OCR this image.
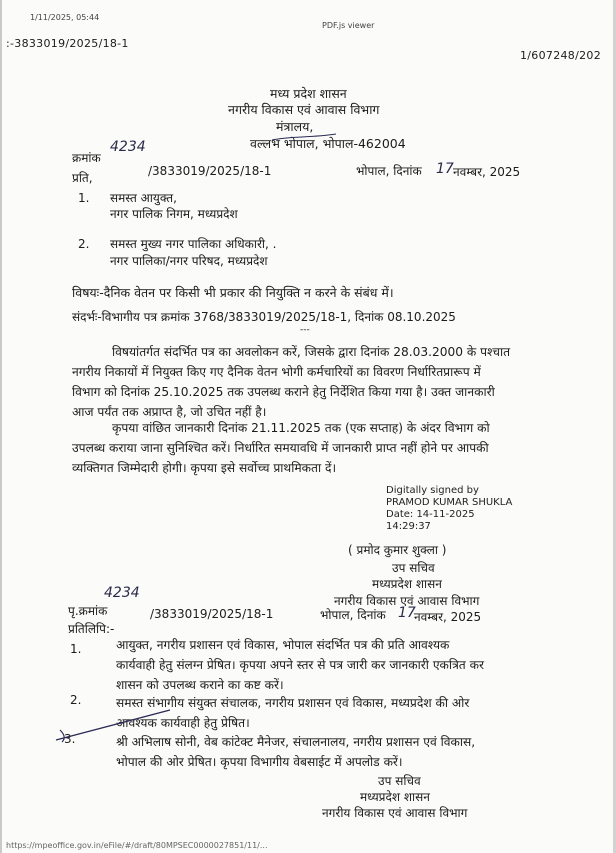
1/11/2025, 05:44
PDF.js viewer
:-3833019/2025/18-1
1/607248/202
मध्य प्रदेश शासन
नगरीय विकास एवं आवास विभाग
मंत्रालय,
वल्लभ भोपाल, भोपाल-462004
क्रमांक
4234
/3833019/2025/18-1	भोपाल, दिनांक 17 नवम्बर, 2025
प्रति,
1. समस्त आयुक्त,
नगर पालिक निगम, मध्यप्रदेश
2. समस्त मुख्य नगर पालिका अधिकारी, .
नगर पालिका/नगर परिषद, मध्यप्रदेश
विषयः-दैनिक वेतन पर किसी भी प्रकार की नियुक्ति न करने के संबंध में।
संदर्भः-विभागीय पत्र क्रमांक 3768/3833019/2025/18-1, दिनांक 08.10.2025
---
विषयांतर्गत संदर्भित पत्र का अवलोकन करें, जिसके द्वारा दिनांक 28.03.2000 के पश्चात
नगरीय निकायों में नियुक्त किए गए दैनिक वेतन भोगी कर्मचारियों का विवरण निर्धारितप्रारूप में
विभाग को दिनांक 25.10.2025 तक उपलब्ध कराने हेतु निर्देशित किया गया है। उक्त जानकारी
आज पर्यंत तक अप्राप्त है, जो उचित नहीं है।
कृपया वांछित जानकारी दिनांक 21.11.2025 तक (एक सप्ताह) के अंदर विभाग को
उपलब्ध कराया जाना सुनिश्चित करें। निर्धारित समयावधि में जानकारी प्राप्त नहीं होने पर आपकी
व्यक्तिगत जिम्मेदारी होगी। कृपया इसे सर्वोच्च प्राथमिकता दें।
Digitally signed by
PRAMOD KUMAR SHUKLA
Date: 14-11-2025
14:29:37
( प्रमोद कुमार शुक्ला )
उप सचिव
मध्यप्रदेश शासन
नगरीय विकास एवं आवास विभाग
4234
पृ.क्रमांक	/3833019/2025/18-1	भोपाल, दिनांक 17
नवम्बर, 2025
प्रतिलिपि:-
1.	आयुक्त, नगरीय प्रशासन एवं विकास, भोपाल संदर्भित पत्र की प्रति आवश्यक
कार्यवाही हेतु संलग्न प्रेषित। कृपया अपने स्तर से पत्र जारी कर जानकारी एकत्रित कर
शासन को उपलब्ध कराने का कष्ट करें।
2.	समस्त संभागीय संयुक्त संचालक, नगरीय प्रशासन एवं विकास, मध्यप्रदेश की ओर
आवश्यक कार्यवाही हेतु प्रेषित।
3.	श्री अभिलाष सोनी, वेब कांटेक्ट मैनेजर, संचालनालय, नगरीय प्रशासन एवं विकास,
भोपाल की ओर प्रेषित। कृपया विभागीय वेबसाईट में अपलोड करें।
उप सचिव
मध्यप्रदेश शासन
नगरीय विकास एवं आवास विभाग
https://mpeoffice.gov.in/eFile/#/draft/80MPSEC0000027851/11/...
